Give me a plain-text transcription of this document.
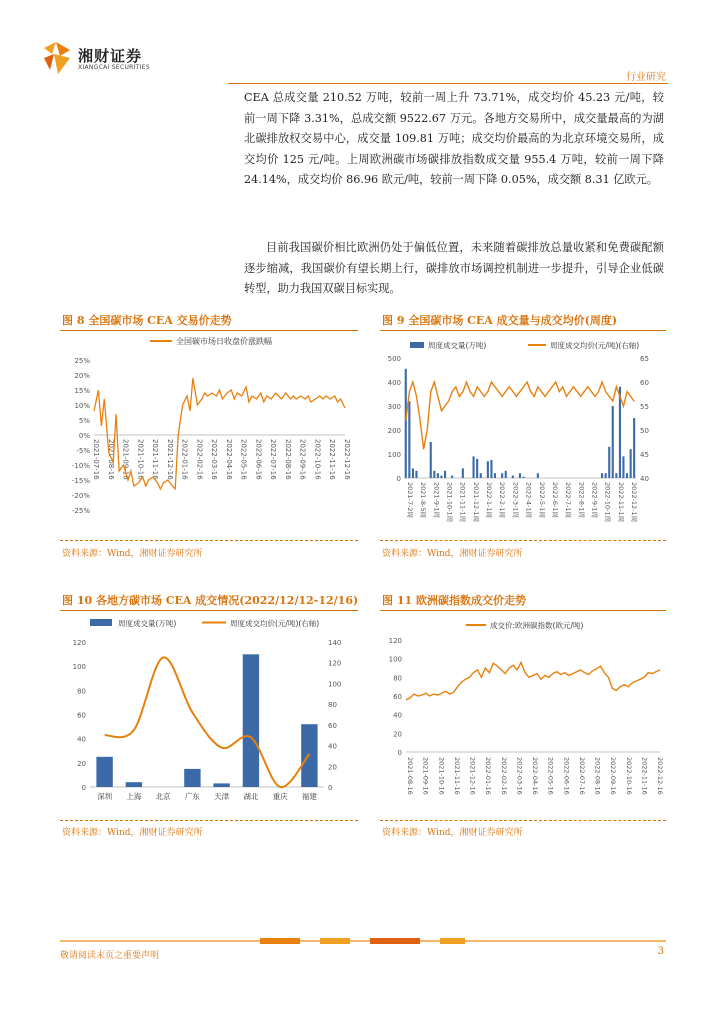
湘财证券
XIANGCAI SECURITIES
行业研究
CEA 总成交量 210.52 万吨，较前一周上升 73.71%，成交均价 45.23 元/吨，较前一周下降 3.31%，总成交额 9522.67 万元。各地方交易所中，成交量最高的为湖北碳排放权交易中心，成交量 109.81 万吨；成交均价最高的为北京环境交易所，成交均价 125 元/吨。上周欧洲碳市场碳排放指数成交量 955.4 万吨，较前一周下降 24.14%，成交均价 86.96 欧元/吨，较前一周下降 0.05%，成交额 8.31 亿欧元。
目前我国碳价相比欧洲仍处于偏低位置，未来随着碳排放总量收紧和免费碳配额逐步缩减，我国碳价有望长期上行，碳排放市场调控机制进一步提升，引导企业低碳转型，助力我国双碳目标实现。
图 8 全国碳市场 CEA 交易价走势
全国碳市场日收盘价涨跌幅
25%
20%
15%
10%
5%
0%
-5%
-10%
-15%
-20%
-25%
2021-07-16 2021-08-16 2021-09-16 2021-10-16 2021-11-16 2021-12-16 2022-01-16 2022-02-16 2022-03-16 2022-04-16 2022-05-16 2022-06-16 2022-07-16 2022-08-16 2022-09-16 2022-10-16 2022-11-16 2022-12-16
资料来源：Wind，湘财证券研究所
图 9 全国碳市场 CEA 成交量与成交均价(周度)
周度成交量(万吨)	周度成交均价(元/吨)(右轴)
500
400
300
200
100
0
65
60
55
50
45
40
2021-7-2周 2021-8-5周 2021-9-1周 2021-10-1周 2021-11-1周 2021-12-1周 2022-1-1周 2022-2-1周 2022-3-1周 2022-4-1周 2022-5-1周 2022-6-1周 2022-7-1周 2022-8-1周 2022-9-1周 2022-10-1周 2022-11-1周 2022-12-1周
资料来源：Wind，湘财证券研究所
图 10 各地方碳市场 CEA 成交情况(2022/12/12-12/16)
周度成交量(万吨)	周度成交均价(元/吨)(右轴)
120
100
80
60
40
20
0
140
120
100
80
60
40
20
0
深圳 上海 北京 广东 天津 湖北 重庆 福建
资料来源：Wind，湘财证券研究所
图 11 欧洲碳指数成交价走势
成交价:欧洲碳指数(欧元/吨)
120
100
80
60
40
20
0
2021-08-16 2021-09-16 2021-10-16 2021-11-16 2021-12-16 2022-01-16 2022-02-16 2022-03-16 2022-04-16 2022-05-16 2022-06-16 2022-07-16 2022-08-16 2022-09-16 2022-10-16 2022-11-16 2022-12-16
资料来源：Wind，湘财证券研究所
敬请阅读末页之重要声明	3
